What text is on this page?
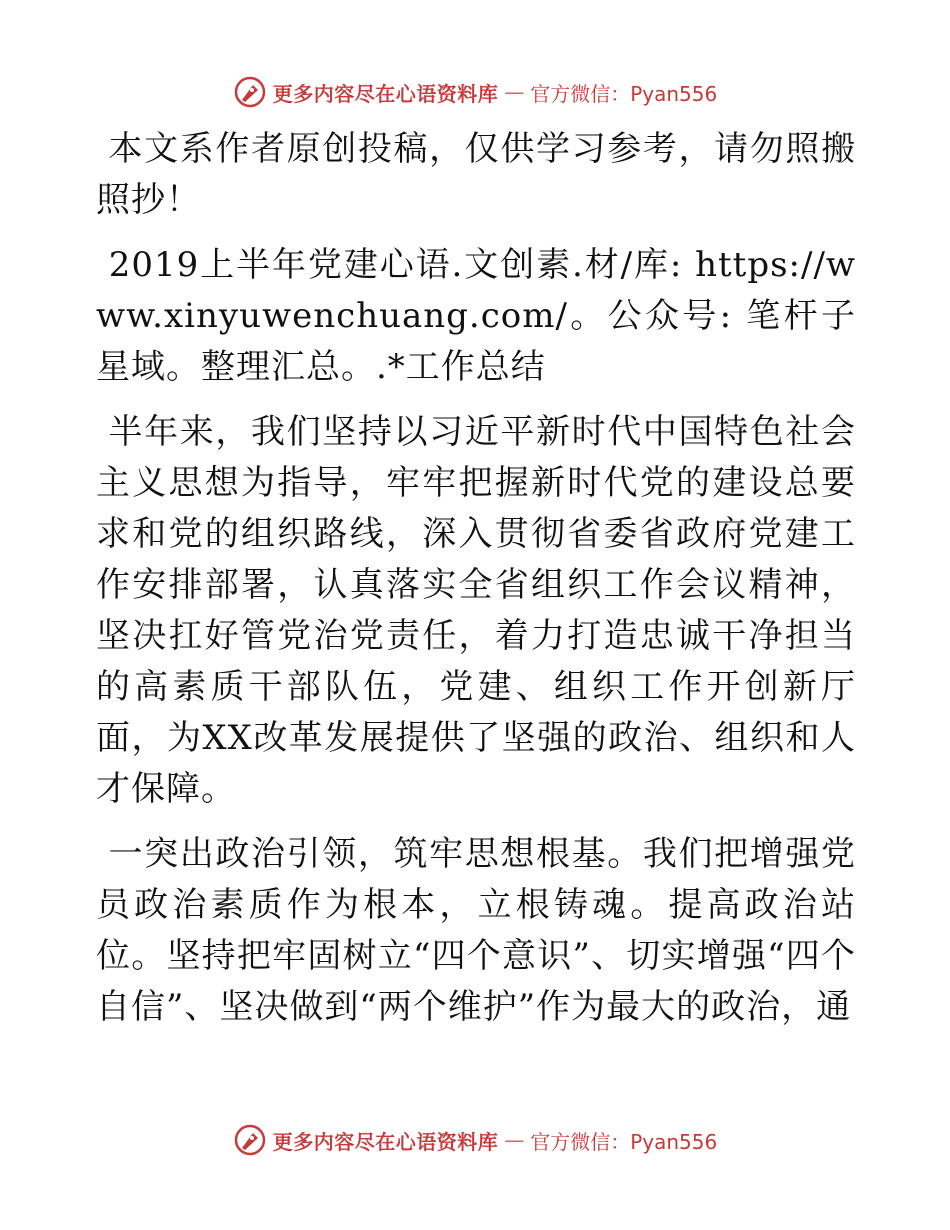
更多内容尽在心语资料库 — 官方微信：Pyan556

本文系作者原创投稿，仅供学习参考，请勿照搬照抄！

2019上半年党建心语.文创素.材/库: https://www.xinyuwenchuang.com/。公众号: 笔杆子星域。整理汇总。.*工作总结

半年来，我们坚持以习近平新时代中国特色社会主义思想为指导，牢牢把握新时代党的建设总要求和党的组织路线，深入贯彻省委省政府党建工作安排部署，认真落实全省组织工作会议精神，坚决扛好管党治党责任，着力打造忠诚干净担当的高素质干部队伍，党建、组织工作开创新厅面，为XX改革发展提供了坚强的政治、组织和人才保障。

一突出政治引领，筑牢思想根基。我们把增强党员政治素质作为根本，立根铸魂。提高政治站位。坚持把牢固树立“四个意识”、切实增强“四个自信”、坚决做到“两个维护”作为最大的政治，通

更多内容尽在心语资料库 — 官方微信：Pyan556
